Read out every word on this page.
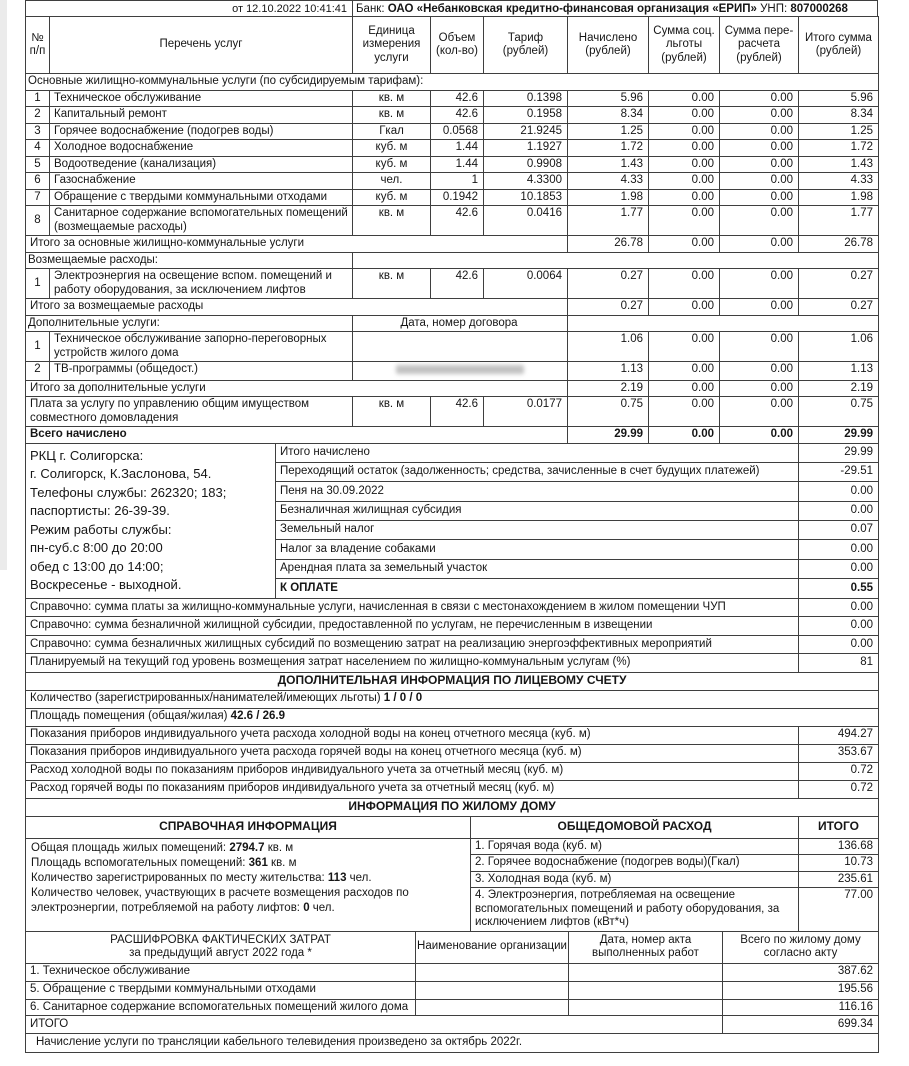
от 12.10.2022 10:41:41 Банк: ОАО «Небанковская кредитно-финансовая организация «ЕРИП» УНП: 807000268
№ п/п	Перечень услуг	Единица измерения услуги	Объем (кол-во)	Тариф (рублей)	Начислено (рублей)	Сумма соц. льготы (рублей)	Сумма пере-расчета (рублей)	Итого сумма (рублей)
Основные жилищно-коммунальные услуги (по субсидируемым тарифам):								
1	Техническое обслуживание	кв. м	42.6	0.1398	5.96	0.00	0.00	5.96
2	Капитальный ремонт	кв. м	42.6	0.1958	8.34	0.00	0.00	8.34
3	Горячее водоснабжение (подогрев воды)	Гкал	0.0568	21.9245	1.25	0.00	0.00	1.25
4	Холодное водоснабжение	куб. м	1.44	1.1927	1.72	0.00	0.00	1.72
5	Водоотведение (канализация)	куб. м	1.44	0.9908	1.43	0.00	0.00	1.43
6	Газоснабжение	чел.	1	4.3300	4.33	0.00	0.00	4.33
7	Обращение с твердыми коммунальными отходами	куб. м	0.1942	10.1853	1.98	0.00	0.00	1.98
8	Санитарное содержание вспомогательных помещений (возмещаемые расходы)	кв. м	42.6	0.0416	1.77	0.00	0.00	1.77
Итого за основные жилищно-коммунальные услуги					26.78	0.00	0.00	26.78
Возмещаемые расходы:								
1	Электроэнергия на освещение вспом. помещений и работу оборудования, за исключением лифтов	кв. м	42.6	0.0064	0.27	0.00	0.00	0.27
Итого за возмещаемые расходы					0.27	0.00	0.00	0.27
Дополнительные услуги:		Дата, номер договора						
1	Техническое обслуживание запорно-переговорных устройств жилого дома				1.06	0.00	0.00	1.06
2	ТВ-программы (общедост.)				1.13	0.00	0.00	1.13
Итого за дополнительные услуги					2.19	0.00	0.00	2.19
Плата за услугу по управлению общим имуществом совместного домовладения		кв. м	42.6	0.0177	0.75	0.00	0.00	0.75
Всего начислено					29.99	0.00	0.00	29.99
РКЦ г. Солигорска:
г. Солигорск, К.Заслонова, 54.
Телефоны службы: 262320; 183;
паспортисты: 26-39-39.
Режим работы службы:
пн-суб.с 8:00 до 20:00
обед с 13:00 до 14:00;
Воскресенье - выходной.
	Итого начислено	29.99
	Переходящий остаток (задолженность; средства, зачисленные в счет будущих платежей)	-29.51
	Пеня на 30.09.2022	0.00
	Безналичная жилищная субсидия	0.00
	Земельный налог	0.07
	Налог за владение собаками	0.00
	Арендная плата за земельный участок	0.00
	К ОПЛАТЕ	0.55
Справочно: сумма платы за жилищно-коммунальные услуги, начисленная в связи с местонахождением в жилом помещении ЧУП	0.00
Справочно: сумма безналичной жилищной субсидии, предоставленной по услугам, не перечисленным в извещении	0.00
Справочно: сумма безналичных жилищных субсидий по возмещению затрат на реализацию энергоэффективных мероприятий	0.00
Планируемый на текущий год уровень возмещения затрат населением по жилищно-коммунальным услугам (%)	81
ДОПОЛНИТЕЛЬНАЯ ИНФОРМАЦИЯ ПО ЛИЦЕВОМУ СЧЕТУ	
Количество (зарегистрированных/нанимателей/имеющих льготы) 1 / 0 / 0	
Площадь помещения (общая/жилая) 42.6 / 26.9	
Показания приборов индивидуального учета расхода холодной воды на конец отчетного месяца (куб. м)	494.27
Показания приборов индивидуального учета расхода горячей воды на конец отчетного месяца (куб. м)	353.67
Расход холодной воды по показаниям приборов индивидуального учета за отчетный месяц (куб. м)	0.72
Расход горячей воды по показаниям приборов индивидуального учета за отчетный месяц (куб. м)	0.72
ИНФОРМАЦИЯ ПО ЖИЛОМУ ДОМУ		
СПРАВОЧНАЯ ИНФОРМАЦИЯ	ОБЩЕДОМОВОЙ РАСХОД	ИТОГО

Общая площадь жилых помещений: 2794.7 кв. м
Площадь вспомогательных помещений: 361 кв. м
Количество зарегистрированных по месту жительства: 113 чел.
Количество человек, участвующих в расчете возмещения расходов по электроэнергии, потребляемой на работу лифтов: 0 чел.	1. Горячая вода (куб. м)	136.68
	2. Горячее водоснабжение (подогрев воды)(Гкал)	10.73
	3. Холодная вода (куб. м)	235.61
	4. Электроэнергия, потребляемая на освещение вспомогательных помещений и работу оборудования, за исключением лифтов (кВт*ч)	77.00
РАСШИФРОВКА ФАКТИЧЕСКИХ ЗАТРАТ
за предыдущий август 2022 года *	Наименование организации	Дата, номер акта выполненных работ	Всего по жилому дому согласно акту
1. Техническое обслуживание			387.62
5. Обращение с твердыми коммунальными отходами			195.56
6. Санитарное содержание вспомогательных помещений жилого дома			116.16
ИТОГО			699.34
Начисление услуги по трансляции кабельного телевидения произведено за октябрь 2022г.			
